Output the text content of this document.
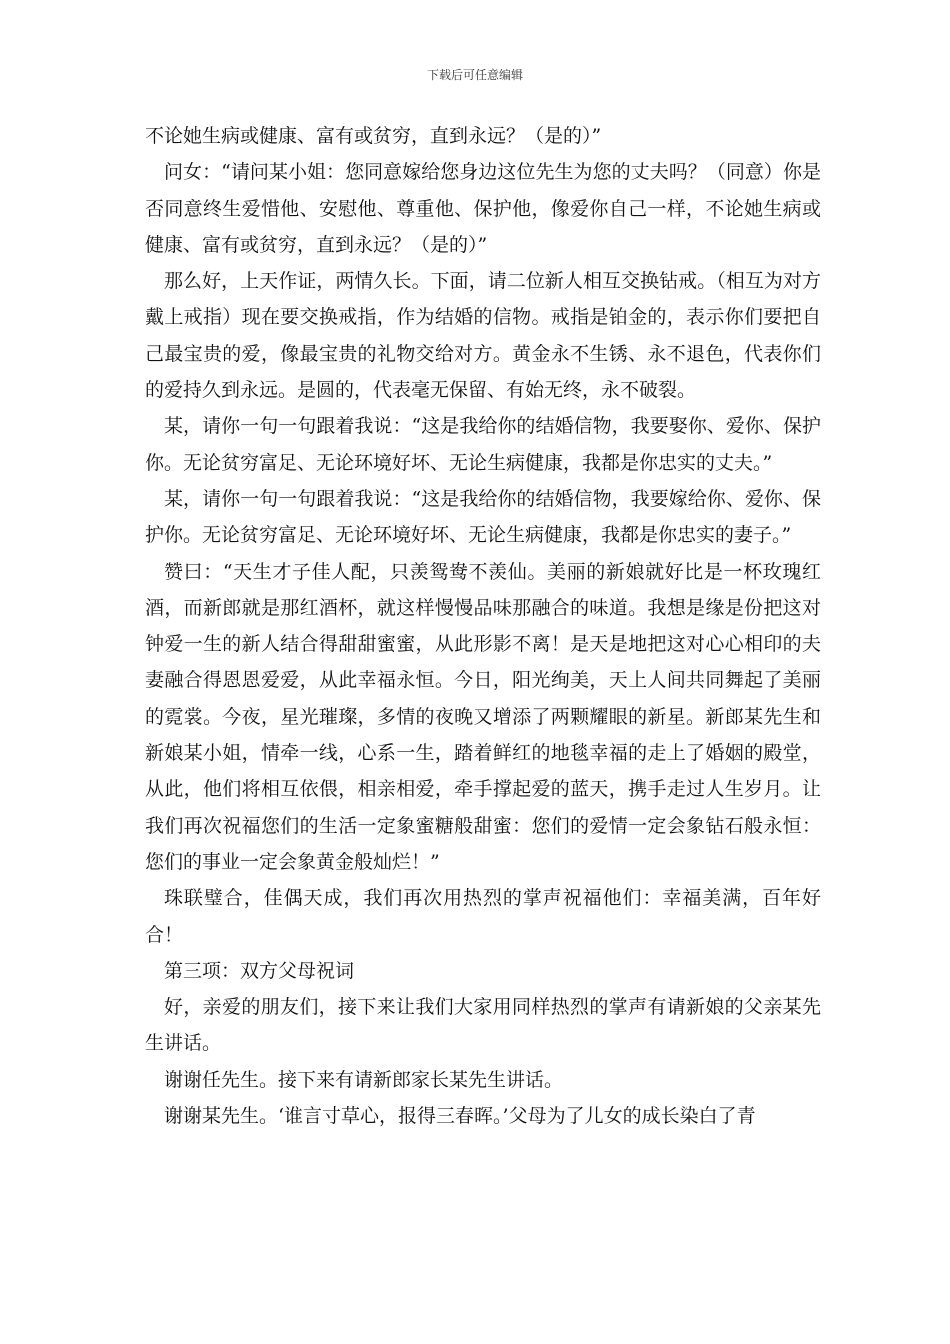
下载后可任意编辑

不论她生病或健康、富有或贫穷，直到永远？（是的）”

问女：“请问某小姐：您同意嫁给您身边这位先生为您的丈夫吗？（同意）你是否同意终生爱惜他、安慰他、尊重他、保护他，像爱你自己一样，不论她生病或健康、富有或贫穷，直到永远？（是的）”

那么好，上天作证，两情久长。下面，请二位新人相互交换钻戒。（相互为对方戴上戒指）现在要交换戒指，作为结婚的信物。戒指是铂金的，表示你们要把自己最宝贵的爱，像最宝贵的礼物交给对方。黄金永不生锈、永不退色，代表你们的爱持久到永远。是圆的，代表毫无保留、有始无终，永不破裂。

某，请你一句一句跟着我说：“这是我给你的结婚信物，我要娶你、爱你、保护你。无论贫穷富足、无论环境好坏、无论生病健康，我都是你忠实的丈夫。”

某，请你一句一句跟着我说：“这是我给你的结婚信物，我要嫁给你、爱你、保护你。无论贫穷富足、无论环境好坏、无论生病健康，我都是你忠实的妻子。”

赞曰：“天生才子佳人配，只羡鸳鸯不羡仙。美丽的新娘就好比是一杯玫瑰红酒，而新郎就是那红酒杯，就这样慢慢品味那融合的味道。我想是缘是份把这对钟爱一生的新人结合得甜甜蜜蜜，从此形影不离！是天是地把这对心心相印的夫妻融合得恩恩爱爱，从此幸福永恒。今日，阳光绚美，天上人间共同舞起了美丽的霓裳。今夜，星光璀璨，多情的夜晚又增添了两颗耀眼的新星。新郎某先生和新娘某小姐，情牵一线，心系一生，踏着鲜红的地毯幸福的走上了婚姻的殿堂，从此，他们将相互依偎，相亲相爱，牵手撑起爱的蓝天，携手走过人生岁月。让我们再次祝福您们的生活一定象蜜糖般甜蜜：您们的爱情一定会象钻石般永恒：您们的事业一定会象黄金般灿烂！”

珠联璧合，佳偶天成，我们再次用热烈的掌声祝福他们：幸福美满，百年好合！

第三项：双方父母祝词

好，亲爱的朋友们，接下来让我们大家用同样热烈的掌声有请新娘的父亲某先生讲话。

谢谢任先生。接下来有请新郎家长某先生讲话。

谢谢某先生。‘谁言寸草心，报得三春晖。’父母为了儿女的成长染白了青
